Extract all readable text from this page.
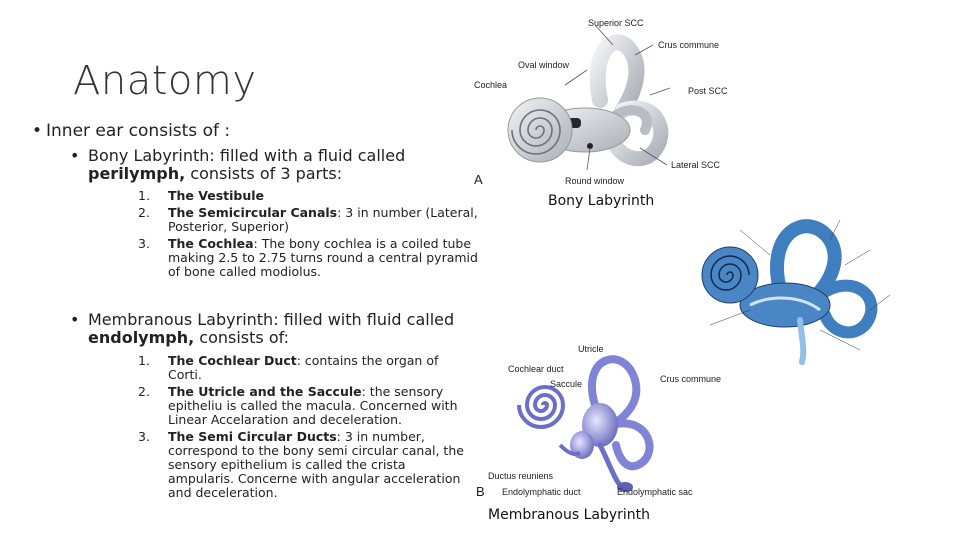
Anatomy
• Inner ear consists of :
• Bony Labyrinth: filled with a fluid called
perilymph, consists of 3 parts:
1.	The Vestibule
2.	The Semicircular Canals: 3 in number (Lateral, Posterior, Superior)
3.	The Cochlea: The bony cochlea is a coiled tube making 2.5 to 2.75 turns round a central pyramid of bone called modiolus.
• Membranous Labyrinth: filled with fluid called
endolymph, consists of:
1.	The Cochlear Duct: contains the organ of Corti.
2.	The Utricle and the Saccule: the sensory epitheliu is called the macula. Concerned with Linear Accelaration and deceleration.
3.	The Semi Circular Ducts: 3 in number, correspond to the bony semi circular canal, the sensory epithelium is called the crista ampularis. Concerne with angular acceleration and deceleration.
Superior SCC
Crus commune
Oval window
Cochlea
Post SCC
Lateral SCC
Round window
A
Bony Labyrinth
Utricle
Cochlear duct
Saccule	Crus commune
Ductus reuniens
Endolymphatic duct	Endolymphatic sac
B
Membranous Labyrinth
